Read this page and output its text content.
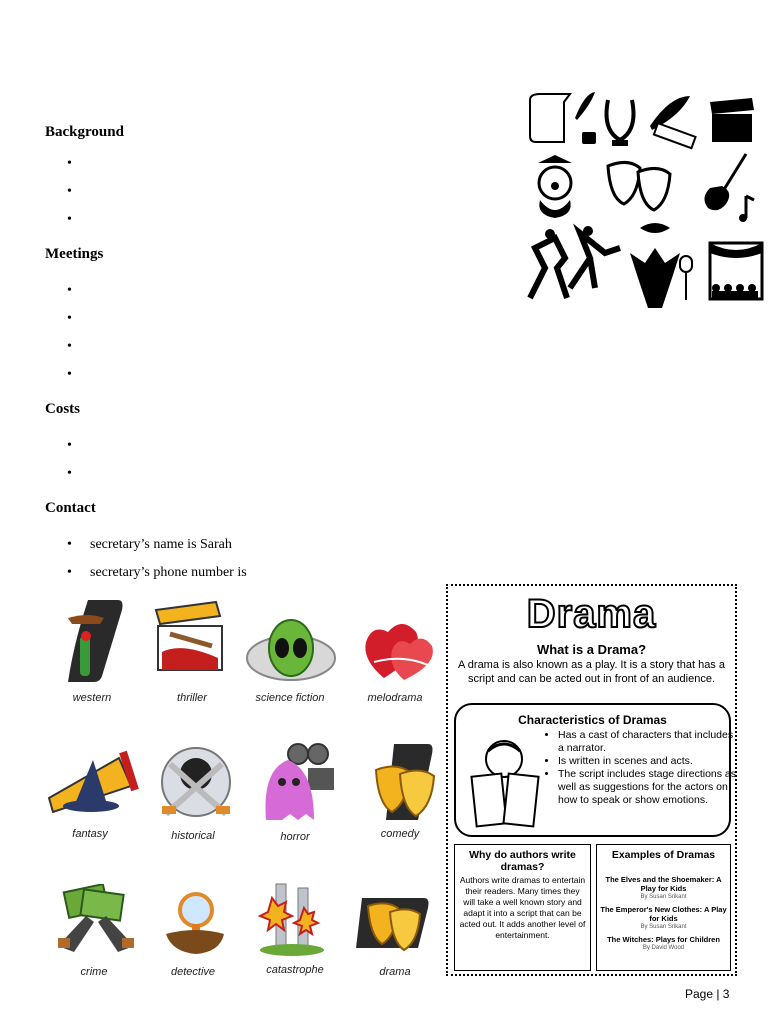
Background
Meetings
Costs
Contact
secretary’s name is Sarah
secretary’s phone number is
western	thriller	science fiction	melodrama
fantasy	historical	horror	comedy
crime	detective	catastrophe	drama
Drama
What is a Drama?
A drama is also known as a play. It is a story that has a script and can be acted out in front of an audience.
Characteristics of Dramas
• Has a cast of characters that includes a narrator.
• Is written in scenes and acts.
• The script includes stage directions as well as suggestions for the actors on how to speak or show emotions.
Why do authors write dramas?
Authors write dramas to entertain their readers. Many times they will take a well known story and adapt it into a script that can be acted out. It adds another level of entertainment.
Examples of Dramas
The Elves and the Shoemaker: A Play for Kids
By Susan Srikant
The Emperor's New Clothes: A Play for Kids
By Susan Srikant
The Witches: Plays for Children
By David Wood
Page | 3
